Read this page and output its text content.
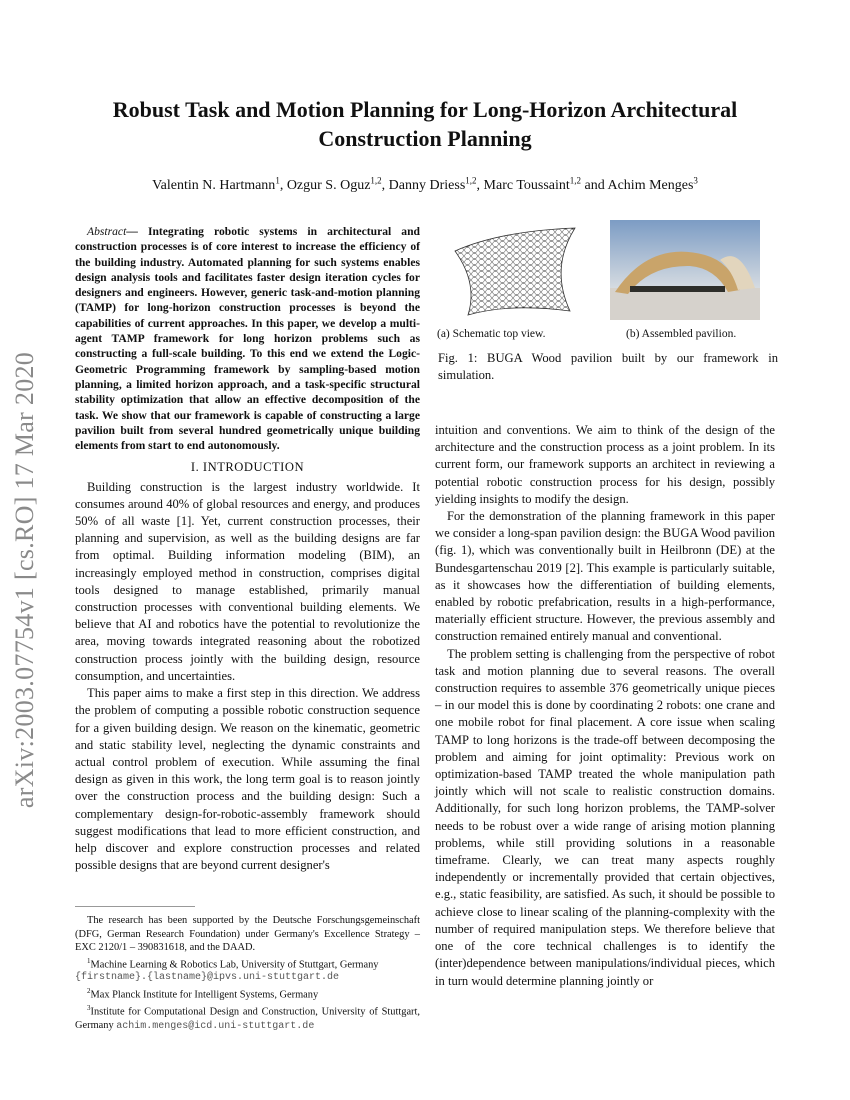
Robust Task and Motion Planning for Long-Horizon Architectural
Construction Planning
Valentin N. Hartmann$^1$, Ozgur S. Oguz$^{1,2}$, Danny Driess$^{1,2}$, Marc Toussaint$^{1,2}$ and Achim Menges$^3$
arXiv:2003.07754v1 [cs.RO] 17 Mar 2020

Abstract— Integrating robotic systems in architectural and construction processes is of core interest to increase the efficiency of the building industry. Automated planning for such systems enables design analysis tools and facilitates faster design iteration cycles for designers and engineers. However, generic task-and-motion planning (TAMP) for long-horizon construction processes is beyond the capabilities of current approaches. In this paper, we develop a multi-agent TAMP framework for long horizon problems such as constructing a full-scale building. To this end we extend the Logic-Geometric Programming framework by sampling-based motion planning, a limited horizon approach, and a task-specific structural stability optimization that allow an effective decomposition of the task. We show that our framework is capable of constructing a large pavilion built from several hundred geometrically unique building elements from start to end autonomously.

I. INTRODUCTION

Building construction is the largest industry worldwide. It consumes around 40% of global resources and energy, and produces 50% of all waste [1]. Yet, current construction processes, their planning and supervision, as well as the building designs are far from optimal. Building information modeling (BIM), an increasingly employed method in construction, comprises digital tools designed to manage established, primarily manual construction processes with conventional building elements. We believe that AI and robotics have the potential to revolutionize the area, moving towards integrated reasoning about the robotized construction process jointly with the building design, resource consumption, and uncertainties.

This paper aims to make a first step in this direction. We address the problem of computing a possible robotic construction sequence for a given building design. We reason on the kinematic, geometric and static stability level, neglecting the dynamic constraints and actual control problem of execution. While assuming the final design as given in this work, the long term goal is to reason jointly over the construction process and the building design: Such a complementary design-for-robotic-assembly framework should suggest modifications that lead to more efficient construction, and help discover and explore construction processes and related possible designs that are beyond current designer's

The research has been supported by the Deutsche Forschungsgemeinschaft (DFG, German Research Foundation) under Germany's Excellence Strategy – EXC 2120/1 – 390831618, and the DAAD.

$^1$Machine Learning & Robotics Lab, University of Stuttgart, Germany

{firstname}.{lastname}@ipvs.uni-stuttgart.de

$^2$Max Planck Institute for Intelligent Systems, Germany

$^3$Institute for Computational Design and Construction, University of Stuttgart, Germany achim.menges@icd.uni-stuttgart.de

(a) Schematic top view.	(b) Assembled pavilion.
Fig. 1: BUGA Wood pavilion built by our framework in simulation.

intuition and conventions. We aim to think of the design of the architecture and the construction process as a joint problem. In its current form, our framework supports an architect in reviewing a potential robotic construction process for his design, possibly yielding insights to modify the design.

For the demonstration of the planning framework in this paper we consider a long-span pavilion design: the BUGA Wood pavilion (fig. 1), which was conventionally built in Heilbronn (DE) at the Bundesgartenschau 2019 [2]. This example is particularly suitable, as it showcases how the differentiation of building elements, enabled by robotic prefabrication, results in a high-performance, materially efficient structure. However, the previous assembly and construction remained entirely manual and conventional.

The problem setting is challenging from the perspective of robot task and motion planning due to several reasons. The overall construction requires to assemble 376 geometrically unique pieces – in our model this is done by coordinating 2 robots: one crane and one mobile robot for final placement. A core issue when scaling TAMP to long horizons is the trade-off between decomposing the problem and aiming for joint optimality: Previous work on optimization-based TAMP treated the whole manipulation path jointly which will not scale to realistic construction domains. Additionally, for such long horizon problems, the TAMP-solver needs to be robust over a wide range of arising motion planning problems, while still providing solutions in a reasonable timeframe. Clearly, we can treat many aspects roughly independently or incrementally provided that certain objectives, e.g., static feasibility, are satisfied. As such, it should be possible to achieve close to linear scaling of the planning-complexity with the number of required manipulation steps. We therefore believe that one of the core technical challenges is to identify the (inter)dependence between manipulations/individual pieces, which in turn would determine planning jointly or
